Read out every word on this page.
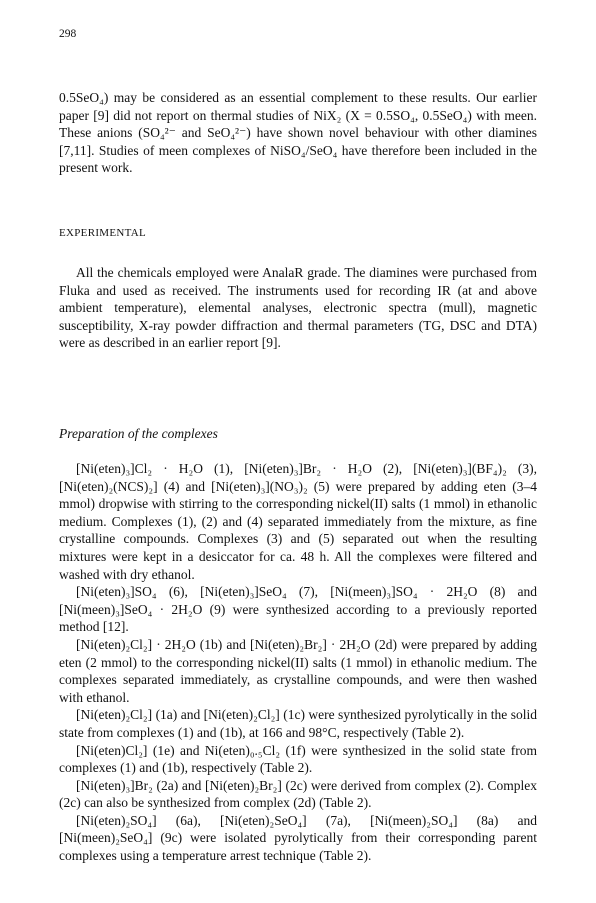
298

0.5SeO₄) may be considered as an essential complement to these results. Our earlier paper [9] did not report on thermal studies of NiX₂ (X = 0.5SO₄, 0.5SeO₄) with meen. These anions (SO₄²⁻ and SeO₄²⁻) have shown novel behaviour with other diamines [7,11]. Studies of meen complexes of NiSO₄/SeO₄ have therefore been included in the present work.

EXPERIMENTAL

All the chemicals employed were AnalaR grade. The diamines were purchased from Fluka and used as received. The instruments used for recording IR (at and above ambient temperature), elemental analyses, electronic spectra (mull), magnetic susceptibility, X-ray powder diffraction and thermal parameters (TG, DSC and DTA) were as described in an earlier report [9].

Preparation of the complexes

[Ni(eten)₃]Cl₂ · H₂O (1), [Ni(eten)₃]Br₂ · H₂O (2), [Ni(eten)₃](BF₄)₂ (3), [Ni(eten)₂(NCS)₂] (4) and [Ni(eten)₃](NO₃)₂ (5) were prepared by adding eten (3–4 mmol) dropwise with stirring to the corresponding nickel(II) salts (1 mmol) in ethanolic medium. Complexes (1), (2) and (4) separated immediately from the mixture, as fine crystalline compounds. Complexes (3) and (5) separated out when the resulting mixtures were kept in a desiccator for ca. 48 h. All the complexes were filtered and washed with dry ethanol.

[Ni(eten)₃]SO₄ (6), [Ni(eten)₃]SeO₄ (7), [Ni(meen)₃]SO₄ · 2H₂O (8) and [Ni(meen)₃]SeO₄ · 2H₂O (9) were synthesized according to a previously reported method [12].

[Ni(eten)₂Cl₂] · 2H₂O (1b) and [Ni(eten)₂Br₂] · 2H₂O (2d) were prepared by adding eten (2 mmol) to the corresponding nickel(II) salts (1 mmol) in ethanolic medium. The complexes separated immediately, as crystalline compounds, and were then washed with ethanol.

[Ni(eten)₂Cl₂] (1a) and [Ni(eten)₂Cl₂] (1c) were synthesized pyrolytically in the solid state from complexes (1) and (1b), at 166 and 98°C, respectively (Table 2).

[Ni(eten)Cl₂] (1e) and Ni(eten)₀.₅Cl₂ (1f) were synthesized in the solid state from complexes (1) and (1b), respectively (Table 2).

[Ni(eten)₃]Br₂ (2a) and [Ni(eten)₂Br₂] (2c) were derived from complex (2). Complex (2c) can also be synthesized from complex (2d) (Table 2).

[Ni(eten)₂SO₄] (6a), [Ni(eten)₂SeO₄] (7a), [Ni(meen)₂SO₄] (8a) and [Ni(meen)₂SeO₄] (9c) were isolated pyrolytically from their corresponding parent complexes using a temperature arrest technique (Table 2).
